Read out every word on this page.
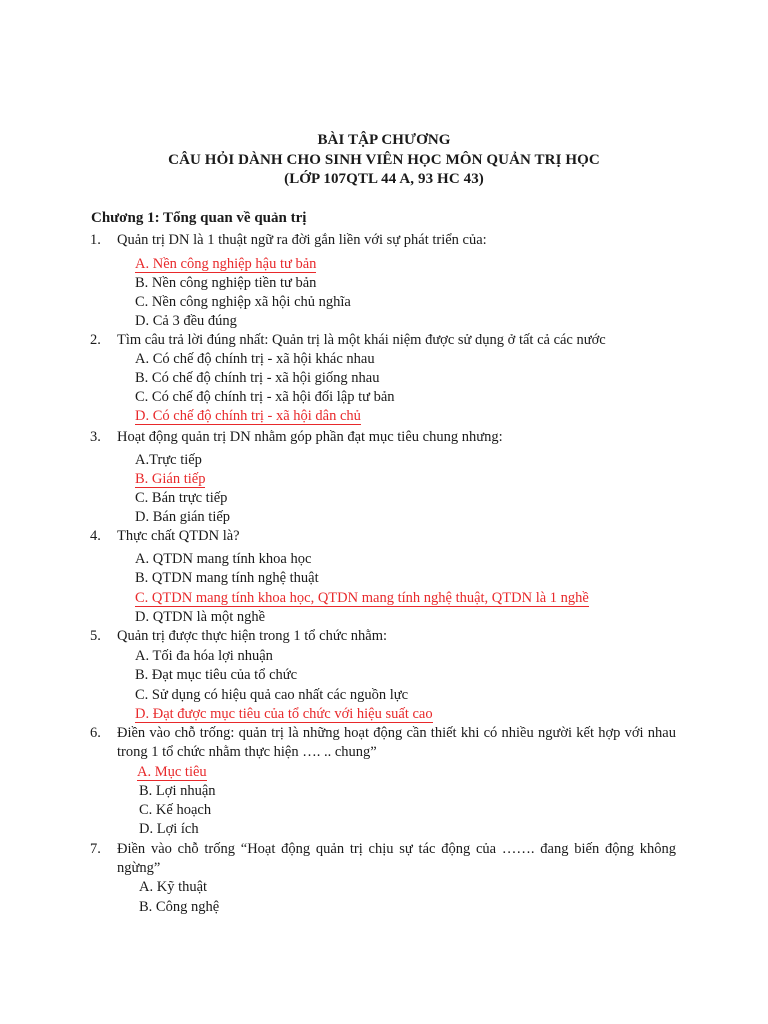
BÀI TẬP CHƯƠNG
CÂU HỎI DÀNH CHO SINH VIÊN HỌC MÔN QUẢN TRỊ HỌC
(LỚP 107QTL 44 A, 93 HC 43)
Chương 1: Tổng quan về quản trị
1. Quản trị DN là 1 thuật ngữ ra đời gắn liền với sự phát triển của:
A. Nền công nghiệp hậu tư bản
B. Nền công nghiệp tiền tư bản
C. Nền công nghiệp xã hội chủ nghĩa
D. Cả 3 đều đúng
2. Tìm câu trả lời đúng nhất: Quản trị là một khái niệm được sử dụng ở tất cả các nước
A. Có chế độ chính trị - xã hội khác nhau
B. Có chế độ chính trị - xã hội giống nhau
C. Có chế độ chính trị - xã hội đối lập tư bản
D. Có chế độ chính trị - xã hội dân chủ
3. Hoạt động quản trị DN nhằm góp phần đạt mục tiêu chung nhưng:
A.Trực tiếp
B. Gián tiếp
C. Bán trực tiếp
D. Bán gián tiếp
4. Thực chất QTDN là?
A. QTDN mang tính khoa học
B. QTDN mang tính nghệ thuật
C. QTDN mang tính khoa học, QTDN mang tính nghệ thuật, QTDN là 1 nghề
D. QTDN là một nghề
5. Quản trị được thực hiện trong 1 tổ chức nhằm:
A. Tối đa hóa lợi nhuận
B. Đạt mục tiêu của tổ chức
C. Sử dụng có hiệu quả cao nhất các nguồn lực
D. Đạt được mục tiêu của tổ chức với hiệu suất cao
6. Điền vào chỗ trống: quản trị là những hoạt động cần thiết khi có nhiều người kết hợp với nhau trong 1 tổ chức nhằm thực hiện …. .. chung”
A. Mục tiêu
B. Lợi nhuận
C. Kế hoạch
D. Lợi ích
7. Điền vào chỗ trống “Hoạt động quản trị chịu sự tác động của ……. đang biến động không ngừng”
A. Kỹ thuật
B. Công nghệ
